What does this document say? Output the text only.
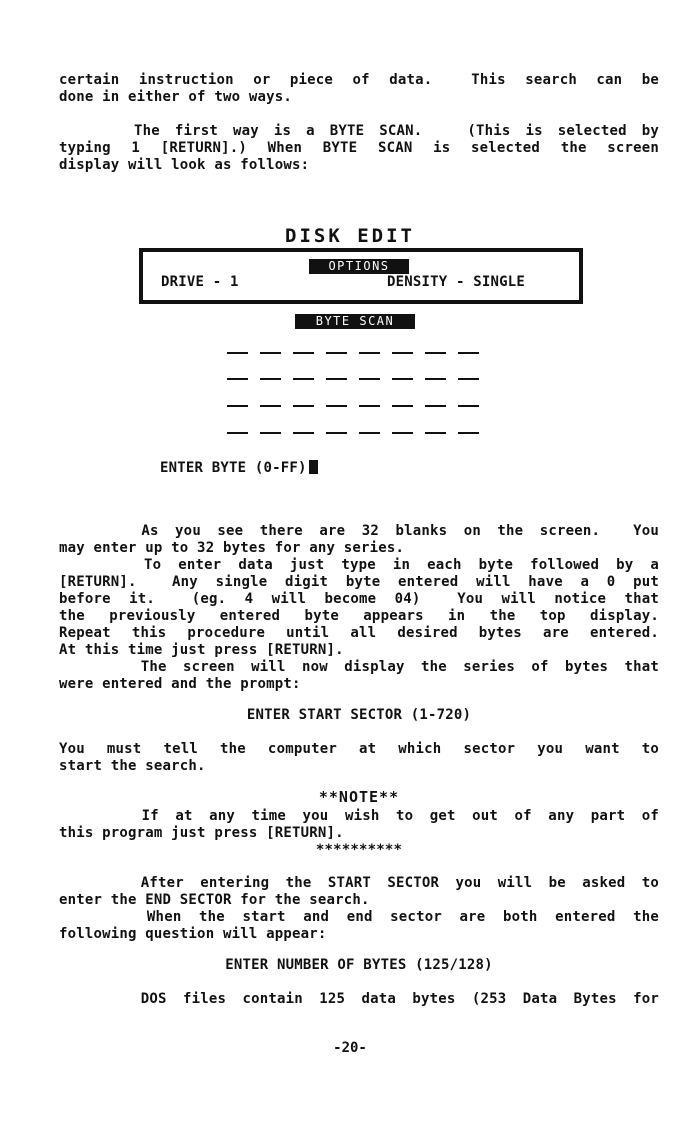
certain instruction or piece of data.  This search can be
done in either of two ways.
The first way is a BYTE SCAN.   (This is selected by
typing 1 [RETURN].) When BYTE SCAN is selected the screen
display will look as follows:
DISK EDIT
OPTIONS
DRIVE - 1	DENSITY - SINGLE
BYTE SCAN
ENTER BYTE (0-FF)
As you see there are 32 blanks on the screen.  You
may enter up to 32 bytes for any series.
To enter data just type in each byte followed by a
[RETURN].  Any single digit byte entered will have a 0 put
before it.  (eg. 4 will become 04)  You will notice that
the previously entered byte appears in the top display.
Repeat this procedure until all desired bytes are entered.
At this time just press [RETURN].
The screen will now display the series of bytes that
were entered and the prompt:
ENTER START SECTOR (1-720)
You must tell the computer at which sector you want to
start the search.
**NOTE**
If at any time you wish to get out of any part of
this program just press [RETURN].
**********
After entering the START SECTOR you will be asked to
enter the END SECTOR for the search.
When the start and end sector are both entered the
following question will appear:
ENTER NUMBER OF BYTES (125/128)
DOS files contain 125 data bytes (253 Data Bytes for
-20-
